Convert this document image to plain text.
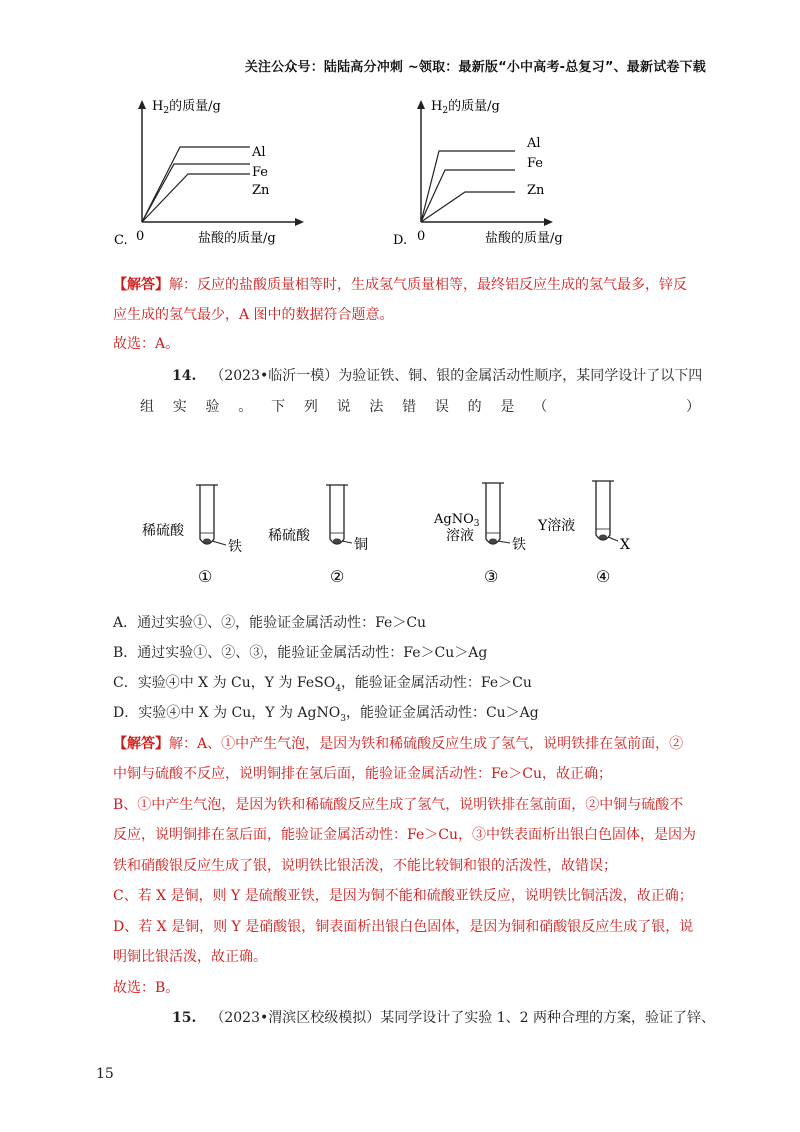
关注公众号：陆陆高分冲刺 ~领取：最新版“小中高考-总复习”、最新试卷下载
$H_2$的质量/g
Al
Fe
Zn
0	盐酸的质量/g
C.
$H_2$的质量/g
Al
Fe
Zn
0	盐酸的质量/g
D.
【解答】解：反应的盐酸质量相等时，生成氢气质量相等，最终铝反应生成的氢气最多，锌反
应生成的氢气最少，A 图中的数据符合题意。
故选：A。
14. （2023•临沂一模）为验证铁、铜、银的金属活动性顺序，某同学设计了以下四
组 实 验 。 下 列 说 法 错 误 的 是 （	）
稀硫酸
铁
①
稀硫酸
铜
②
AgNO$_3$
溶液
铁
③
Y溶液
X
④
A．通过实验①、②，能验证金属活动性：Fe＞Cu
B．通过实验①、②、③，能验证金属活动性：Fe＞Cu＞Ag
C．实验④中 X 为 Cu，Y 为 FeSO$_4$，能验证金属活动性：Fe＞Cu
D．实验④中 X 为 Cu，Y 为 AgNO$_3$，能验证金属活动性：Cu＞Ag
【解答】解：A、①中产生气泡，是因为铁和稀硫酸反应生成了氢气，说明铁排在氢前面，②
中铜与硫酸不反应，说明铜排在氢后面，能验证金属活动性：Fe＞Cu，故正确；
B、①中产生气泡，是因为铁和稀硫酸反应生成了氢气，说明铁排在氢前面，②中铜与硫酸不
反应，说明铜排在氢后面，能验证金属活动性：Fe＞Cu，③中铁表面析出银白色固体，是因为
铁和硝酸银反应生成了银，说明铁比银活泼，不能比较铜和银的活泼性，故错误；
C、若 X 是铜，则 Y 是硫酸亚铁，是因为铜不能和硫酸亚铁反应，说明铁比铜活泼，故正确；
D、若 X 是铜，则 Y 是硝酸银，铜表面析出银白色固体，是因为铜和硝酸银反应生成了银，说
明铜比银活泼，故正确。
故选：B。
15. （2023•渭滨区校级模拟）某同学设计了实验 1、2 两种合理的方案，验证了锌、
15
